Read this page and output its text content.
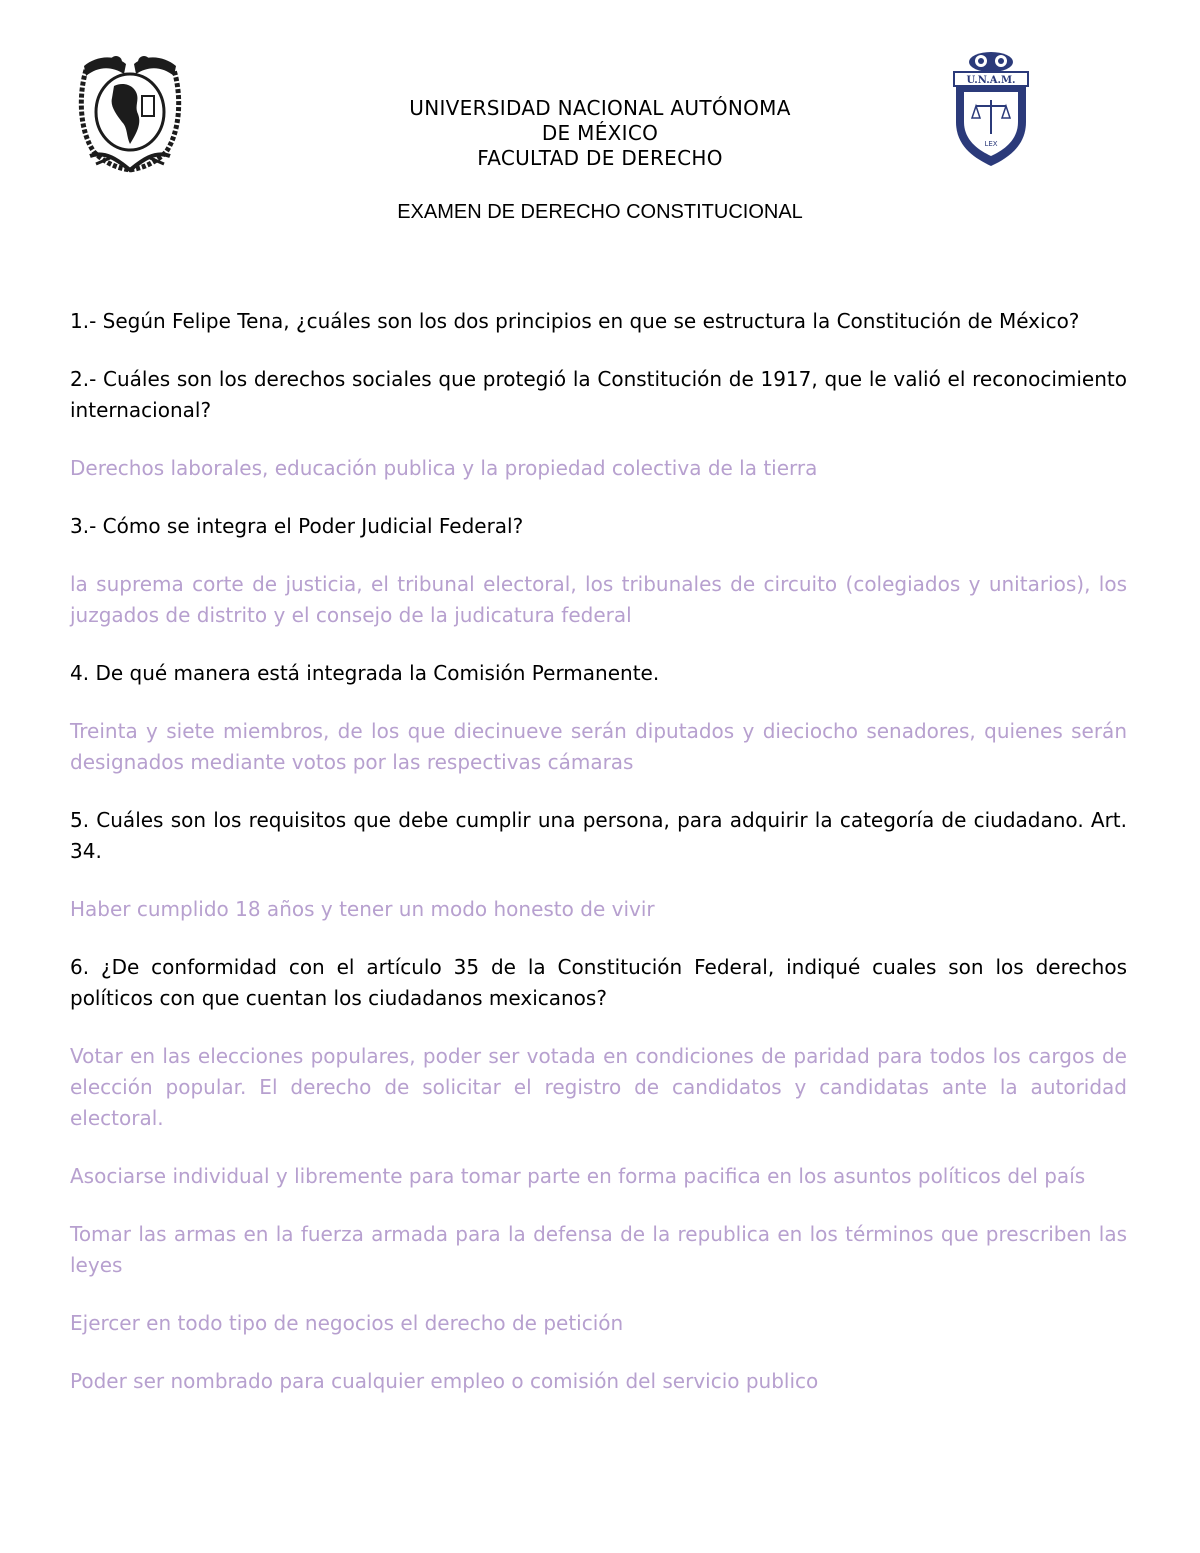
U.N.A.M.
LEX
UNIVERSIDAD NACIONAL AUTÓNOMA
DE MÉXICO
FACULTAD DE DERECHO
EXAMEN DE DERECHO CONSTITUCIONAL

1.- Según Felipe Tena, ¿cuáles son los dos principios en que se estructura la Constitución de México?

2.- Cuáles son los derechos sociales que protegió la Constitución de 1917, que le valió el reconocimiento internacional?

Derechos laborales, educación publica y la propiedad colectiva de la tierra

3.- Cómo se integra el Poder Judicial Federal?

la suprema corte de justicia, el tribunal electoral, los tribunales de circuito (colegiados y unitarios), los juzgados de distrito y el consejo de la judicatura federal

4. De qué manera está integrada la Comisión Permanente.

Treinta y siete miembros, de los que diecinueve serán diputados y dieciocho senadores, quienes serán designados mediante votos por las respectivas cámaras

5. Cuáles son los requisitos que debe cumplir una persona, para adquirir la categoría de ciudadano. Art. 34.

Haber cumplido 18 años y tener un modo honesto de vivir

6. ¿De conformidad con el artículo 35 de la Constitución Federal, indiqué cuales son los derechos políticos con que cuentan los ciudadanos mexicanos?

Votar en las elecciones populares, poder ser votada en condiciones de paridad para todos los cargos de elección popular. El derecho de solicitar el registro de candidatos y candidatas ante la autoridad electoral.

Asociarse individual y libremente para tomar parte en forma pacifica en los asuntos políticos del país

Tomar las armas en la fuerza armada para la defensa de la republica en los términos que prescriben las leyes

Ejercer en todo tipo de negocios el derecho de petición

Poder ser nombrado para cualquier empleo o comisión del servicio publico
